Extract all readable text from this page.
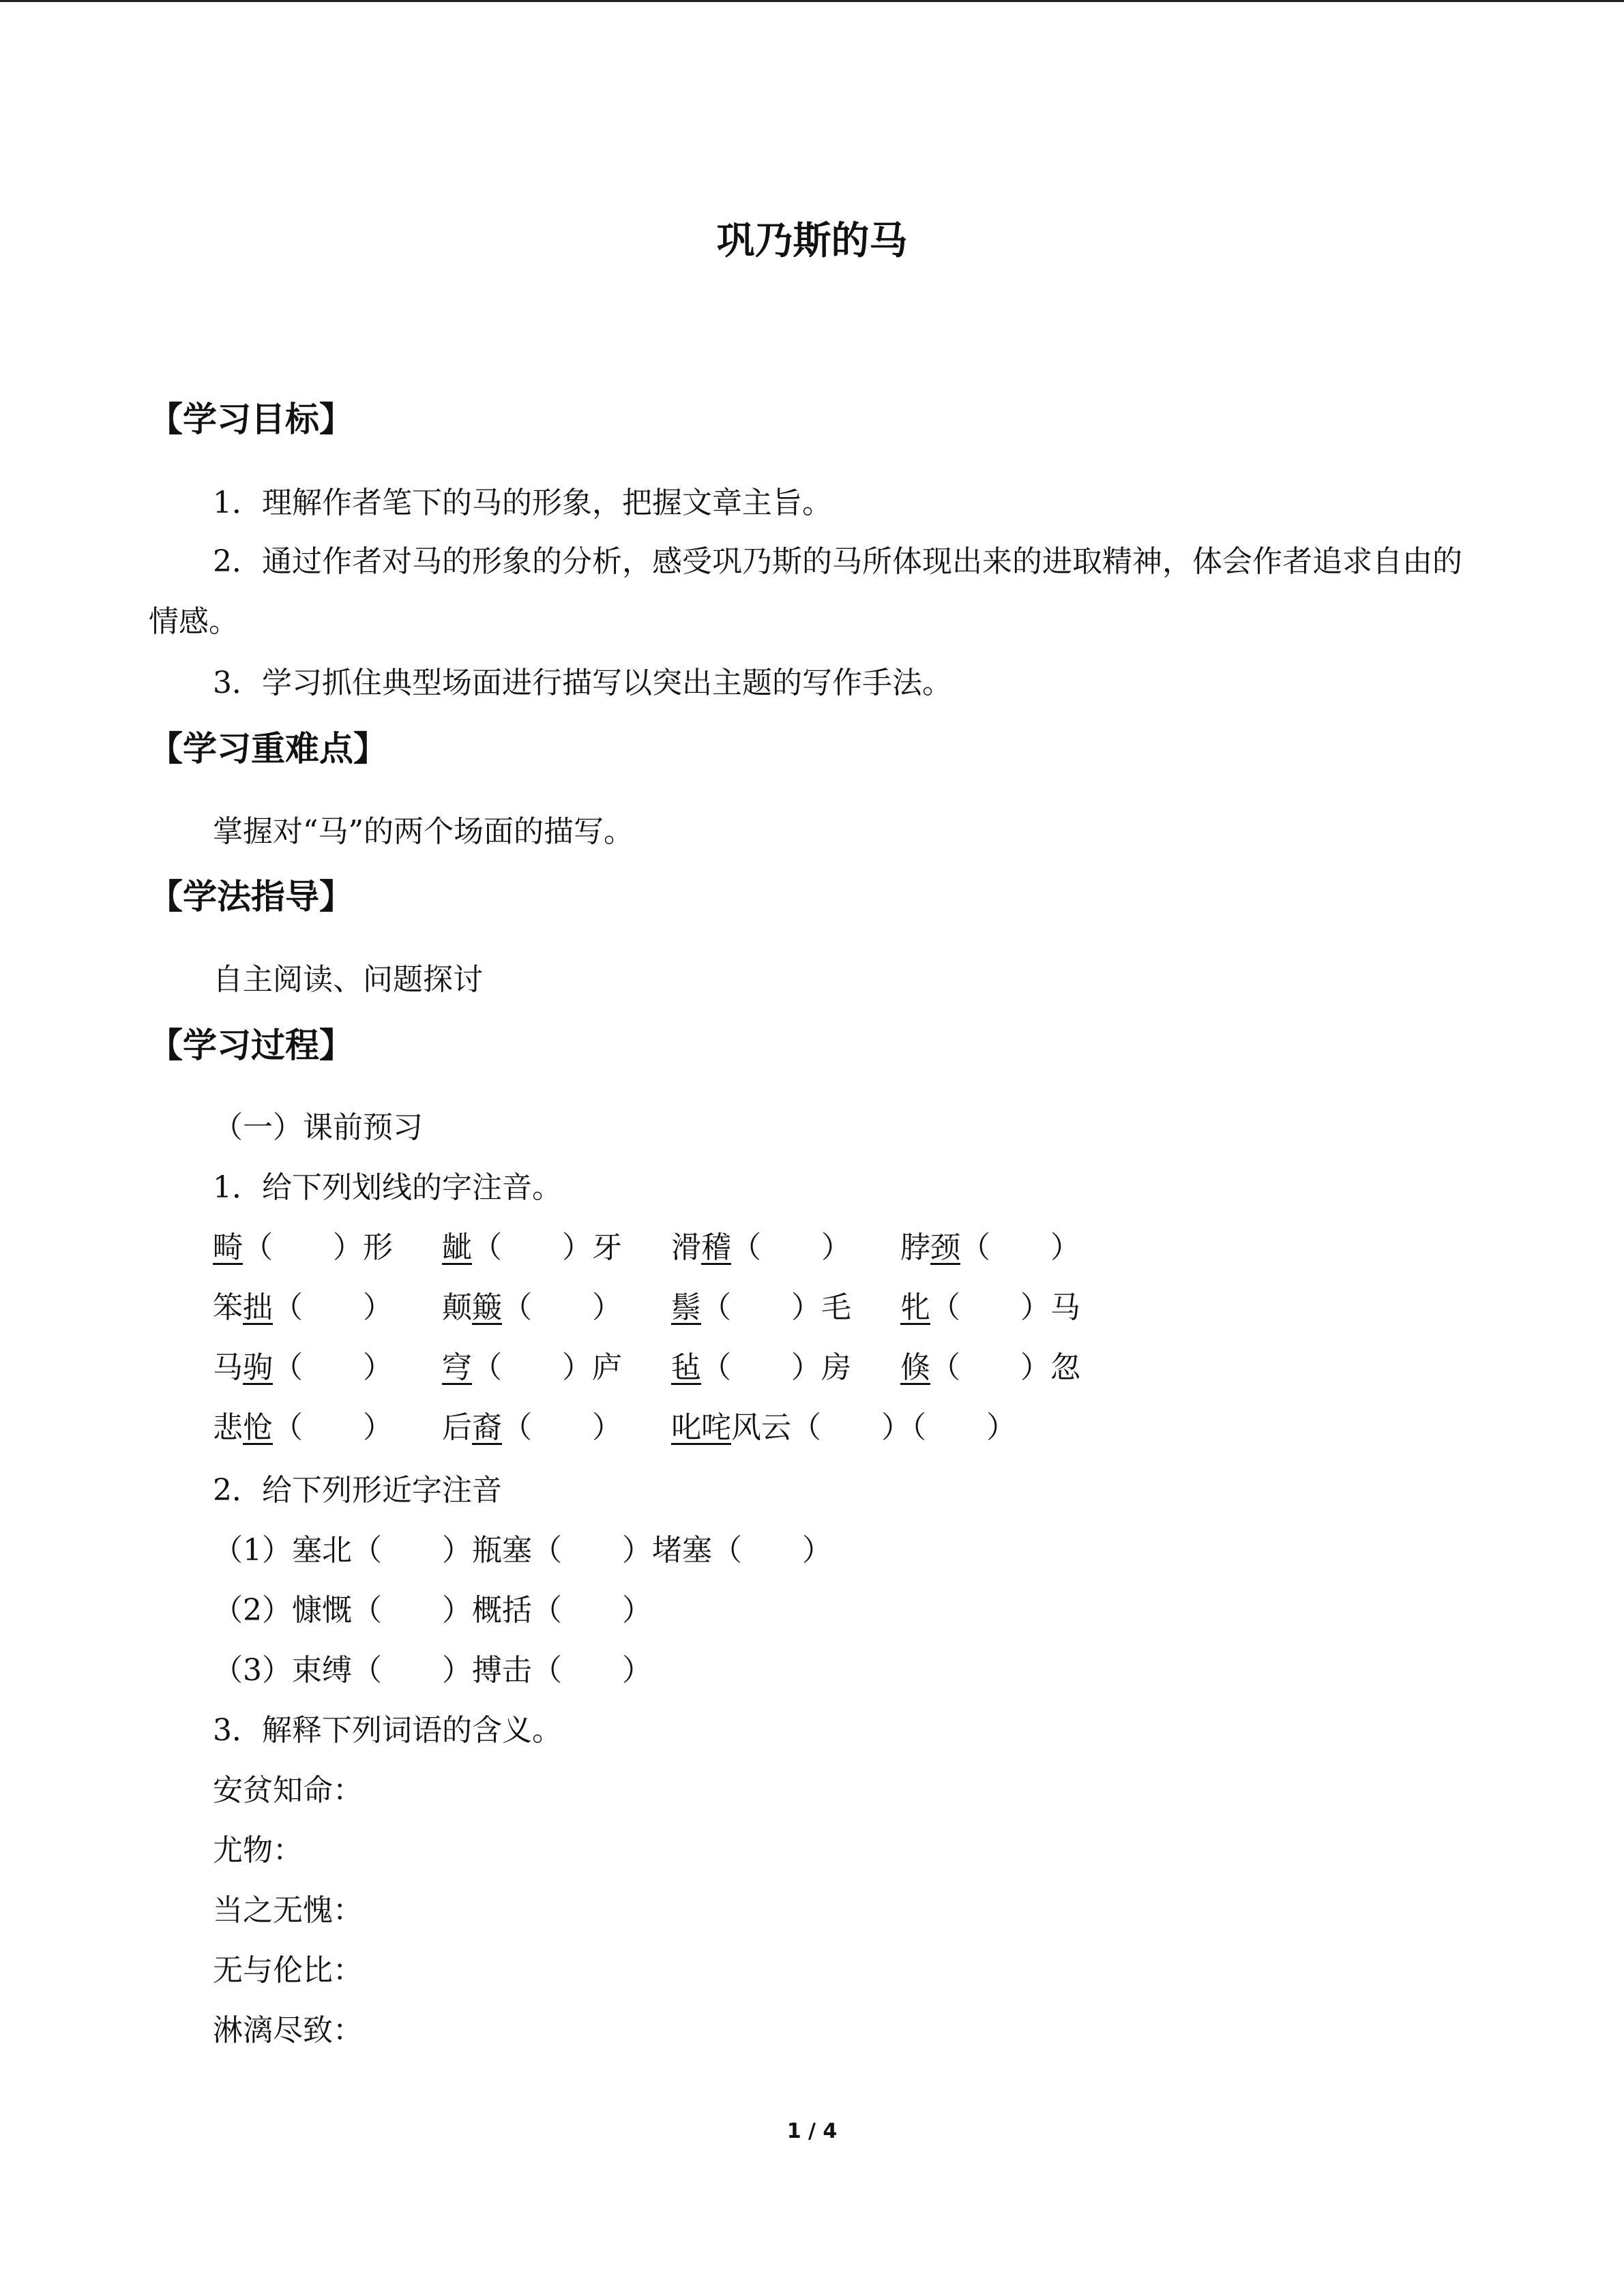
巩乃斯的马
【学习目标】
1．理解作者笔下的马的形象，把握文章主旨。
2．通过作者对马的形象的分析，感受巩乃斯的马所体现出来的进取精神，体会作者追求自由的情感。
3．学习抓住典型场面进行描写以突出主题的写作手法。
【学习重难点】
掌握对“马”的两个场面的描写。
【学法指导】
自主阅读、问题探讨
【学习过程】
（一）课前预习
1．给下列划线的字注音。
畸（　　）形 龇（　　）牙 滑稽（　　） 脖颈（　　）
笨拙（　　） 颠簸（　　） 鬃（　　）毛 牝（　　）马
马驹（　　） 穹（　　）庐 毡（　　）房 倏（　　）忽
悲怆（　　） 后裔（　　） 叱咤风云（　　）（　　）
2．给下列形近字注音
（1）塞北（　　）瓶塞（　　）堵塞（　　）
（2）慷慨（　　）概括（　　）
（3）束缚（　　）搏击（　　）
3．解释下列词语的含义。
安贫知命：
尤物：
当之无愧：
无与伦比：
淋漓尽致：
1 / 4
